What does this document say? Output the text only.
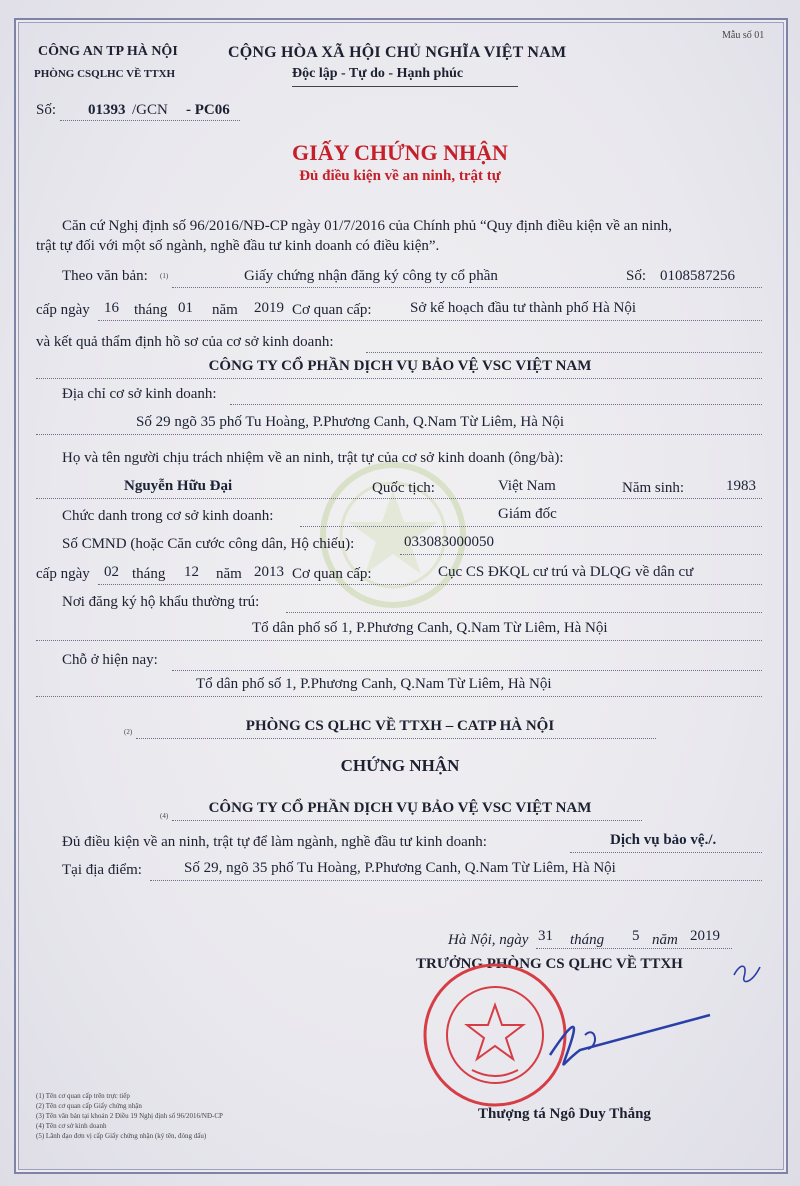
Mẫu số 01
CÔNG AN TP HÀ NỘI
PHÒNG CSQLHC VỀ TTXH
CỘNG HÒA XÃ HỘI CHỦ NGHĨA VIỆT NAM
Độc lập - Tự do - Hạnh phúc
Số: 01393 /GCN - PC06
GIẤY CHỨNG NHẬN
Đủ điều kiện về an ninh, trật tự
Căn cứ Nghị định số 96/2016/NĐ-CP ngày 01/7/2016 của Chính phủ “Quy định điều kiện về an ninh,
trật tự đối với một số ngành, nghề đầu tư kinh doanh có điều kiện”.
Theo văn bản: (1)	Giấy chứng nhận đăng ký công ty cổ phần	Số: 0108587256
cấp ngày 16 tháng 01 năm 2019 Cơ quan cấp:	Sở kế hoạch đầu tư thành phố Hà Nội
và kết quả thẩm định hồ sơ của cơ sở kinh doanh:
CÔNG TY CỔ PHẦN DỊCH VỤ BẢO VỆ VSC VIỆT NAM
Địa chỉ cơ sở kinh doanh:
Số 29 ngõ 35 phố Tu Hoàng, P.Phương Canh, Q.Nam Từ Liêm, Hà Nội
Họ và tên người chịu trách nhiệm về an ninh, trật tự của cơ sở kinh doanh (ông/bà):
Nguyễn Hữu Đại	Quốc tịch:	Việt Nam	Năm sinh:	1983
Chức danh trong cơ sở kinh doanh:	Giám đốc
Số CMND (hoặc Căn cước công dân, Hộ chiếu):	033083000050
cấp ngày 02 tháng 12 năm 2013 Cơ quan cấp:	Cục CS ĐKQL cư trú và DLQG về dân cư
Nơi đăng ký hộ khẩu thường trú:
Tổ dân phố số 1, P.Phương Canh, Q.Nam Từ Liêm, Hà Nội
Chỗ ở hiện nay:
Tổ dân phố số 1, P.Phương Canh, Q.Nam Từ Liêm, Hà Nội
(2)	PHÒNG CS QLHC VỀ TTXH – CATP HÀ NỘI
CHỨNG NHẬN
(4)	CÔNG TY CỔ PHẦN DỊCH VỤ BẢO VỆ VSC VIỆT NAM
Đủ điều kiện về an ninh, trật tự để làm ngành, nghề đầu tư kinh doanh:	Dịch vụ bảo vệ./.
Tại địa điểm:	Số 29, ngõ 35 phố Tu Hoàng, P.Phương Canh, Q.Nam Từ Liêm, Hà Nội
Hà Nội, ngày 31 tháng 5 năm 2019
TRƯỞNG PHÒNG CS QLHC VỀ TTXH
Thượng tá Ngô Duy Thắng
(1) Tên cơ quan cấp trên trực tiếp
(2) Tên cơ quan cấp Giấy chứng nhận
(3) Tên văn bản tại khoản 2 Điều 19 Nghị định số 96/2016/NĐ-CP
(4) Tên cơ sở kinh doanh
(5) Lãnh đạo đơn vị cấp Giấy chứng nhận (ký tên, đóng dấu)
